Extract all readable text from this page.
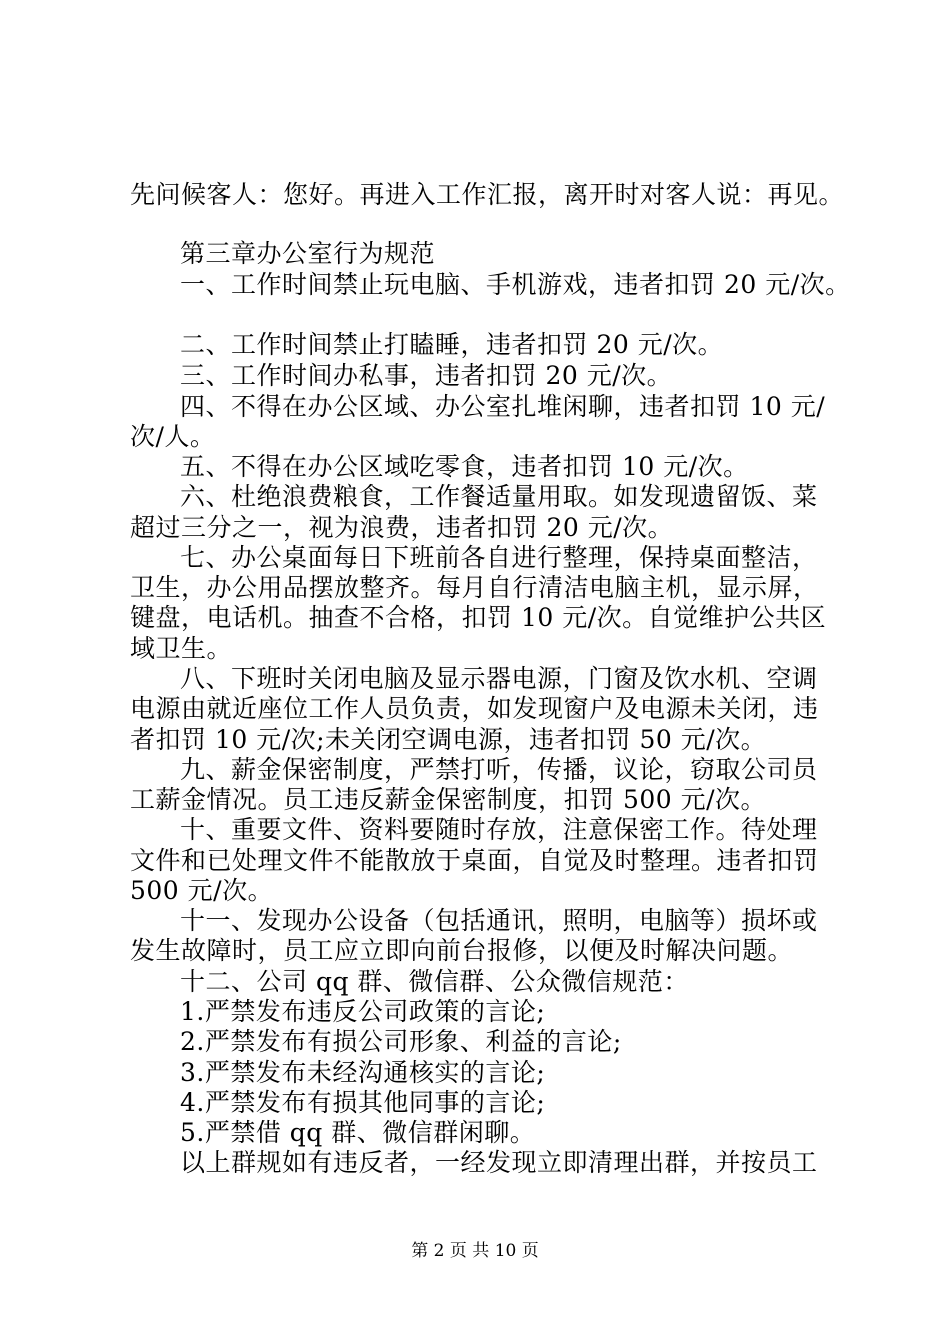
先问候客人：您好。再进入工作汇报，离开时对客人说：再见。

第三章办公室行为规范

一、工作时间禁止玩电脑、手机游戏，违者扣罚 20 元/次。

二、工作时间禁止打瞌睡，违者扣罚 20 元/次。

三、工作时间办私事，违者扣罚 20 元/次。

四、不得在办公区域、办公室扎堆闲聊，违者扣罚 10 元/

次/人。

五、不得在办公区域吃零食，违者扣罚 10 元/次。

六、杜绝浪费粮食，工作餐适量用取。如发现遗留饭、菜

超过三分之一，视为浪费，违者扣罚 20 元/次。

七、办公桌面每日下班前各自进行整理，保持桌面整洁，

卫生，办公用品摆放整齐。每月自行清洁电脑主机，显示屏，

键盘，电话机。抽查不合格，扣罚 10 元/次。自觉维护公共区

域卫生。

八、下班时关闭电脑及显示器电源，门窗及饮水机、空调

电源由就近座位工作人员负责，如发现窗户及电源未关闭，违

者扣罚 10 元/次;未关闭空调电源，违者扣罚 50 元/次。

九、薪金保密制度，严禁打听，传播，议论，窃取公司员

工薪金情况。员工违反薪金保密制度，扣罚 500 元/次。

十、重要文件、资料要随时存放，注意保密工作。待处理

文件和已处理文件不能散放于桌面，自觉及时整理。违者扣罚

500 元/次。

十一、发现办公设备（包括通讯，照明，电脑等）损坏或

发生故障时，员工应立即向前台报修，以便及时解决问题。

十二、公司 qq 群、微信群、公众微信规范：

1.严禁发布违反公司政策的言论;

2.严禁发布有损公司形象、利益的言论;

3.严禁发布未经沟通核实的言论;

4.严禁发布有损其他同事的言论;

5.严禁借 qq 群、微信群闲聊。

以上群规如有违反者，一经发现立即清理出群，并按员工

第 2 页 共 10 页
